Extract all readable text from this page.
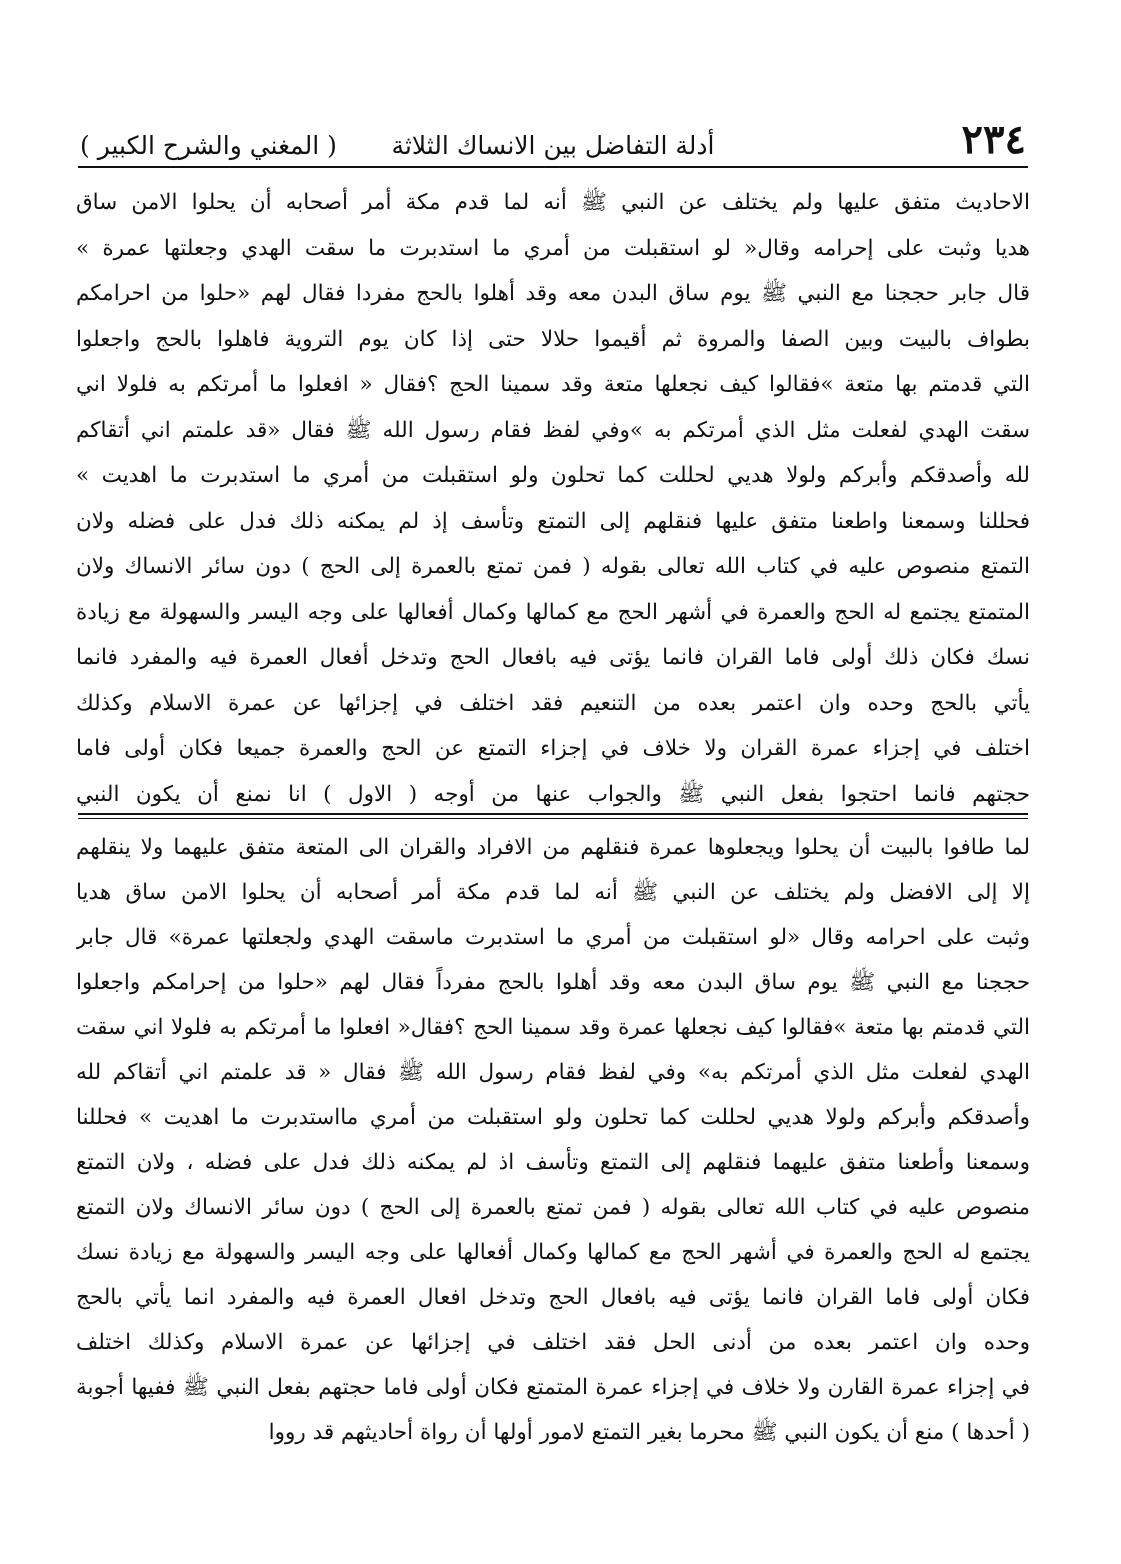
٢٣٤
أدلة التفاضل بين الانساك الثلاثة
( المغني والشرح الكبير )
الاحاديث متفق عليها ولم يختلف عن النبي ﷺ أنه لما قدم مكة أمر أصحابه أن يحلوا الامن ساق
هديا وثبت على إحرامه وقال« لو استقبلت من أمري ما استدبرت ما سقت الهدي وجعلتها عمرة »
قال جابر حججنا مع النبي ﷺ يوم ساق البدن معه وقد أهلوا بالحج مفردا فقال لهم «حلوا من احرامكم
بطواف بالبيت وبين الصفا والمروة ثم أقيموا حلالا حتى إذا كان يوم التروية فاهلوا بالحج واجعلوا
التي قدمتم بها متعة »فقالوا كيف نجعلها متعة وقد سمينا الحج ؟فقال « افعلوا ما أمرتكم به فلولا اني
سقت الهدي لفعلت مثل الذي أمرتكم به »وفي لفظ فقام رسول الله ﷺ فقال «قد علمتم اني أتقاكم
لله وأصدقكم وأبركم ولولا هديي لحللت كما تحلون ولو استقبلت من أمري ما استدبرت ما اهديت »
فحللنا وسمعنا واطعنا متفق عليها فنقلهم إلى التمتع وتأسف إذ لم يمكنه ذلك فدل على فضله ولان
التمتع منصوص عليه في كتاب الله تعالى بقوله ( فمن تمتع بالعمرة إلى الحج ) دون سائر الانساك ولان
المتمتع يجتمع له الحج والعمرة في أشهر الحج مع كمالها وكمال أفعالها على وجه اليسر والسهولة مع زيادة
نسك فكان ذلك أولى فاما القران فانما يؤتى فيه بافعال الحج وتدخل أفعال العمرة فيه والمفرد فانما
يأتي بالحج وحده وان اعتمر بعده من التنعيم فقد اختلف في إجزائها عن عمرة الاسلام وكذلك
اختلف في إجزاء عمرة القران ولا خلاف في إجزاء التمتع عن الحج والعمرة جميعا فكان أولى فاما
حجتهم فانما احتجوا بفعل النبي ﷺ والجواب عنها من أوجه ( الاول ) انا نمنع أن يكون النبي
لما طافوا بالبيت أن يحلوا ويجعلوها عمرة فنقلهم من الافراد والقران الى المتعة متفق عليهما ولا ينقلهم
إلا إلى الافضل ولم يختلف عن النبي ﷺ أنه لما قدم مكة أمر أصحابه أن يحلوا الامن ساق هديا
وثبت على احرامه وقال «لو استقبلت من أمري ما استدبرت ماسقت الهدي ولجعلتها عمرة» قال جابر
حججنا مع النبي ﷺ يوم ساق البدن معه وقد أهلوا بالحج مفرداً فقال لهم «حلوا من إحرامكم واجعلوا
التي قدمتم بها متعة »فقالوا كيف نجعلها عمرة وقد سمينا الحج ؟فقال« افعلوا ما أمرتكم به فلولا اني سقت
الهدي لفعلت مثل الذي أمرتكم به» وفي لفظ فقام رسول الله ﷺ فقال « قد علمتم اني أتقاكم لله
وأصدقكم وأبركم ولولا هديي لحللت كما تحلون ولو استقبلت من أمري مااستدبرت ما اهديت » فحللنا
وسمعنا وأطعنا متفق عليهما فنقلهم إلى التمتع وتأسف اذ لم يمكنه ذلك فدل على فضله ، ولان التمتع
منصوص عليه في كتاب الله تعالى بقوله ( فمن تمتع بالعمرة إلى الحج ) دون سائر الانساك ولان التمتع
يجتمع له الحج والعمرة في أشهر الحج مع كمالها وكمال أفعالها على وجه اليسر والسهولة مع زيادة نسك
فكان أولى فاما القران فانما يؤتى فيه بافعال الحج وتدخل افعال العمرة فيه والمفرد انما يأتي بالحج
وحده وان اعتمر بعده من أدنى الحل فقد اختلف في إجزائها عن عمرة الاسلام وكذلك اختلف
في إجزاء عمرة القارن ولا خلاف في إجزاء عمرة المتمتع فكان أولى فاما حجتهم بفعل النبي ﷺ ففيها أجوبة
( أحدها ) منع أن يكون النبي ﷺ محرما بغير التمتع لامور أولها أن رواة أحاديثهم قد رووا
